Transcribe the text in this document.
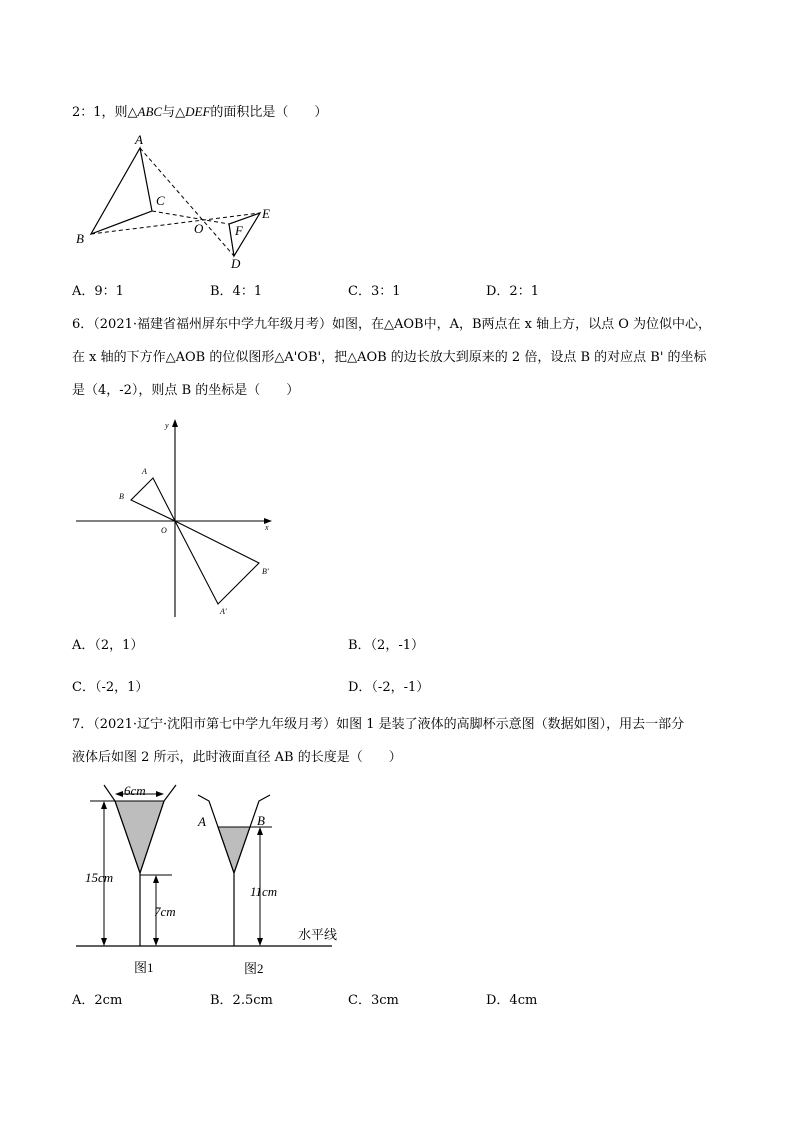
2：1，则△ABC与△DEF的面积比是（　　）
A
B
C
O
E
F
D
A．9：1	B．4：1	C．3：1	D．2：1
6．（2021·福建省福州屏东中学九年级月考）如图，在△AOB中，A，B两点在 x 轴上方，以点 O 为位似中心，
在 x 轴的下方作△AOB 的位似图形△A'OB'，把△AOB 的边长放大到原来的 2 倍，设点 B 的对应点 B' 的坐标
是（4，-2），则点 B 的坐标是（　　）
y
x
O
A
B
B'
A'
A．（2，1）	B．（2，-1）
C．（-2，1）	D．（-2，-1）
7．（2021·辽宁·沈阳市第七中学九年级月考）如图 1 是装了液体的高脚杯示意图（数据如图），用去一部分
液体后如图 2 所示，此时液面直径 AB 的长度是（　　）
6cm
15cm
7cm
11cm
A	B
水平线
图1	图2
A．2cm	B．2.5cm	C．3cm	D．4cm
